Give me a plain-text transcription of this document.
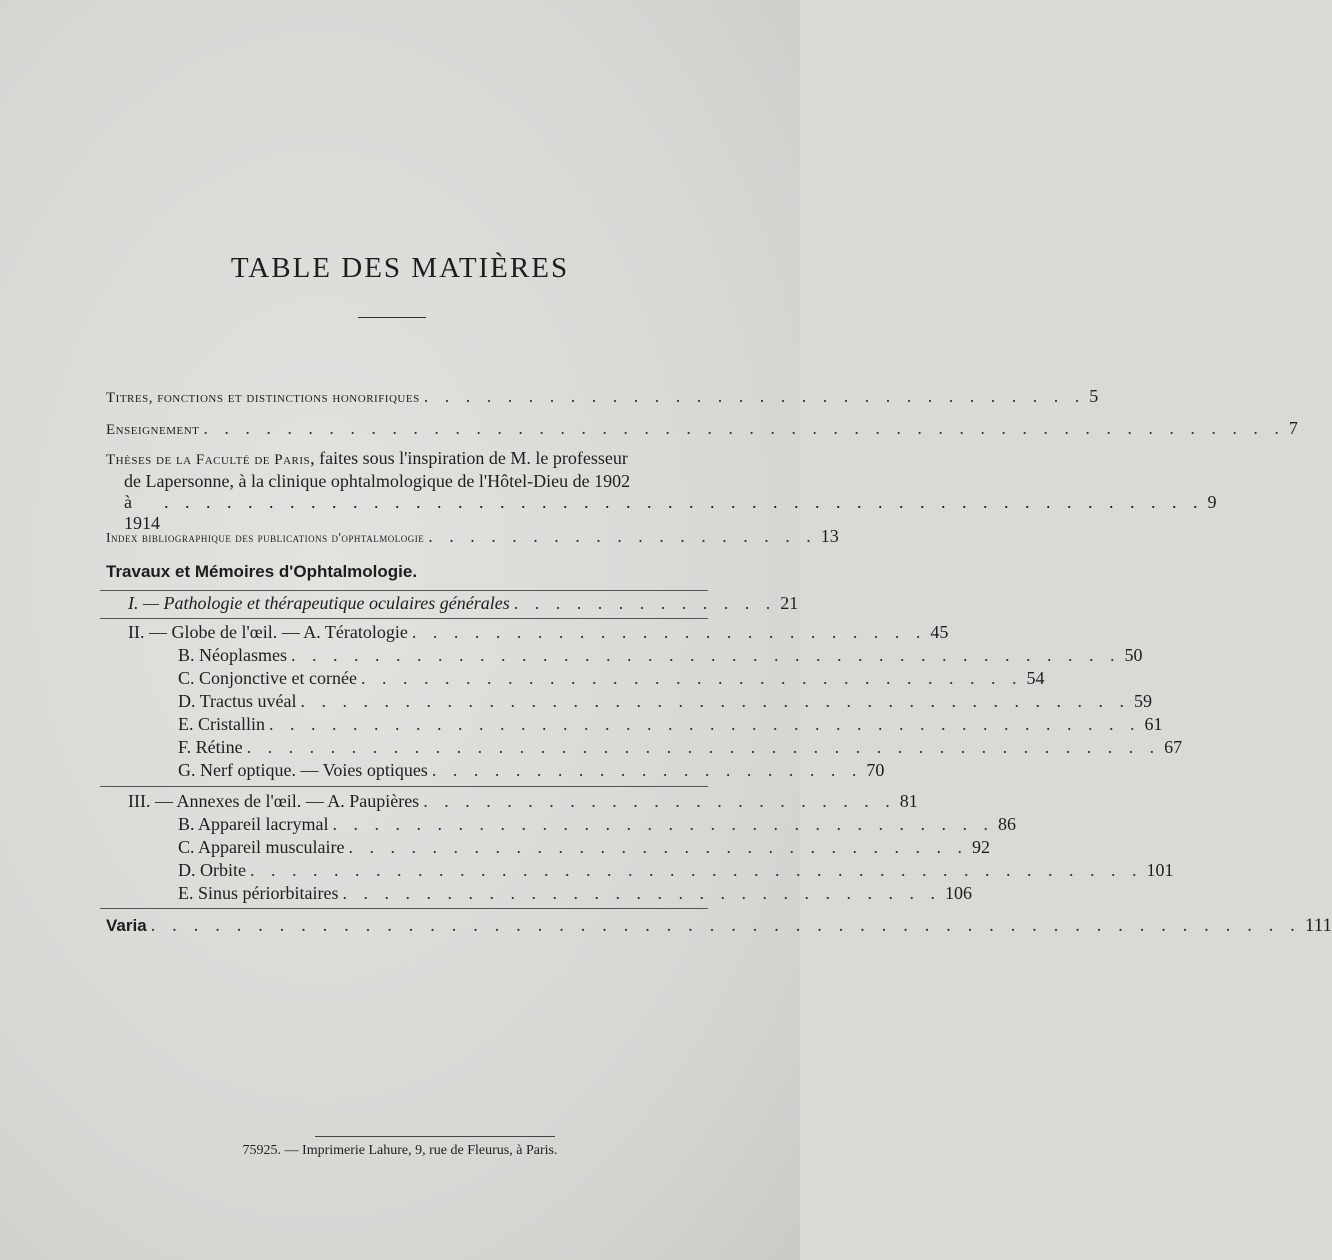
TABLE DES MATIÈRES
Titres, fonctions et distinctions honorifiques . . . . . . . . . . . . . . . . . . . . . . . . . . . . . . . . 5
Enseignement . . . . . . . . . . . . . . . . . . . . . . . . . . . . . . . . . . . . . . . . . . . . . . . . . . . . 7
Thèses de la Faculté de Paris, faites sous l'inspiration de M. le professeur
de Lapersonne, à la clinique ophtalmologique de l'Hôtel-Dieu de 1902
à 1914
. . . . . . . . . . . . . . . . . . . . . . . . . . . . . . . . . . . . . . . . . . . . . . . . . . 9
Index bibliographique des publications d'ophtalmologie . . . . . . . . . . . . . . . . . . . 13
Travaux et Mémoires d'Ophtalmologie.
I. — Pathologie et thérapeutique oculaires générales . . . . . . . . . . . . . 21
II. — Globe de l'œil. — A. Tératologie . . . . . . . . . . . . . . . . . . . . . . . . . 45
B. Néoplasmes . . . . . . . . . . . . . . . . . . . . . . . . . . . . . . . . . . . . . . . . 50
C. Conjonctive et cornée . . . . . . . . . . . . . . . . . . . . . . . . . . . . . . . . 54
D. Tractus uvéal . . . . . . . . . . . . . . . . . . . . . . . . . . . . . . . . . . . . . . . . 59
E. Cristallin . . . . . . . . . . . . . . . . . . . . . . . . . . . . . . . . . . . . . . . . . . 61
F. Rétine . . . . . . . . . . . . . . . . . . . . . . . . . . . . . . . . . . . . . . . . . . . . 67
G. Nerf optique. — Voies optiques . . . . . . . . . . . . . . . . . . . . . 70
III. — Annexes de l'œil. — A. Paupières . . . . . . . . . . . . . . . . . . . . . . . 81
B. Appareil lacrymal . . . . . . . . . . . . . . . . . . . . . . . . . . . . . . . . 86
C. Appareil musculaire . . . . . . . . . . . . . . . . . . . . . . . . . . . . . . 92
D. Orbite . . . . . . . . . . . . . . . . . . . . . . . . . . . . . . . . . . . . . . . . . . . 101
E. Sinus périorbitaires . . . . . . . . . . . . . . . . . . . . . . . . . . . . . 106
Varia . . . . . . . . . . . . . . . . . . . . . . . . . . . . . . . . . . . . . . . . . . . . . . . . . . . . . . 111
75925. — Imprimerie Lahure, 9, rue de Fleurus, à Paris.
